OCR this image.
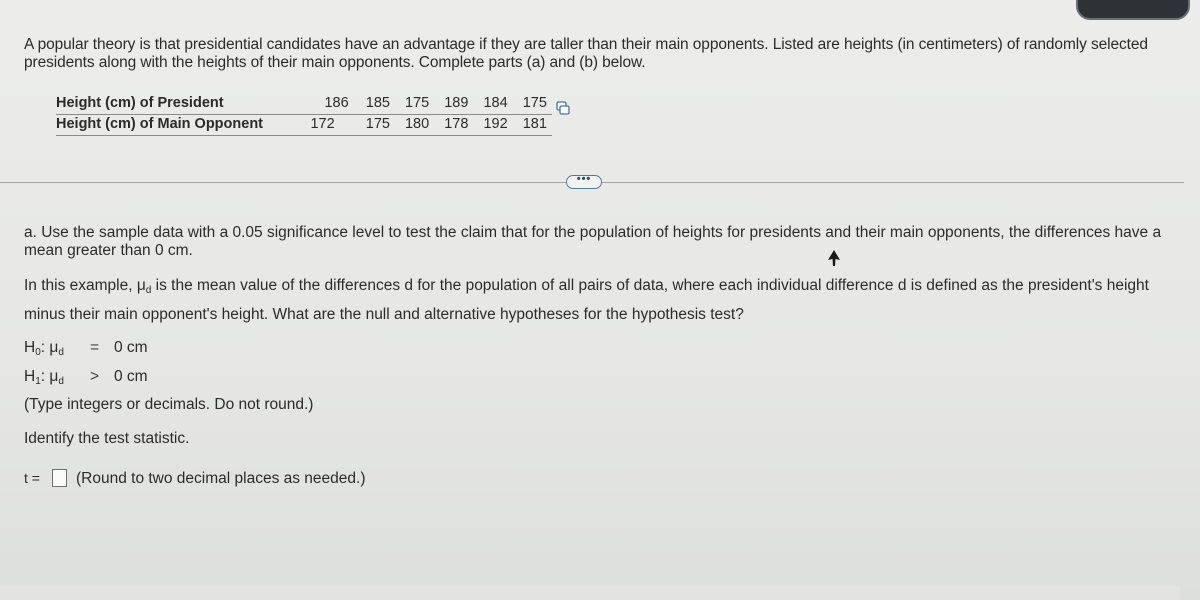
A popular theory is that presidential candidates have an advantage if they are taller than their main opponents. Listed are heights (in centimeters) of randomly selected presidents along with the heights of their main opponents. Complete parts (a) and (b) below.
Height (cm) of President	186	185	175	189	184	175
Height (cm) of Main Opponent	172	175	180	178	192	181
•••
a. Use the sample data with a 0.05 significance level to test the claim that for the population of heights for presidents and their main opponents, the differences have a mean greater than 0 cm.
In this example, $\mu_d$ is the mean value of the differences d for the population of all pairs of data, where each individual difference d is defined as the president's height minus their main opponent's height. What are the null and alternative hypotheses for the hypothesis test?
$H_0$: $\mu_d = 0$ cm
$H_1$: $\mu_d > 0$ cm
(Type integers or decimals. Do not round.)
Identify the test statistic.
t = (Round to two decimal places as needed.)
